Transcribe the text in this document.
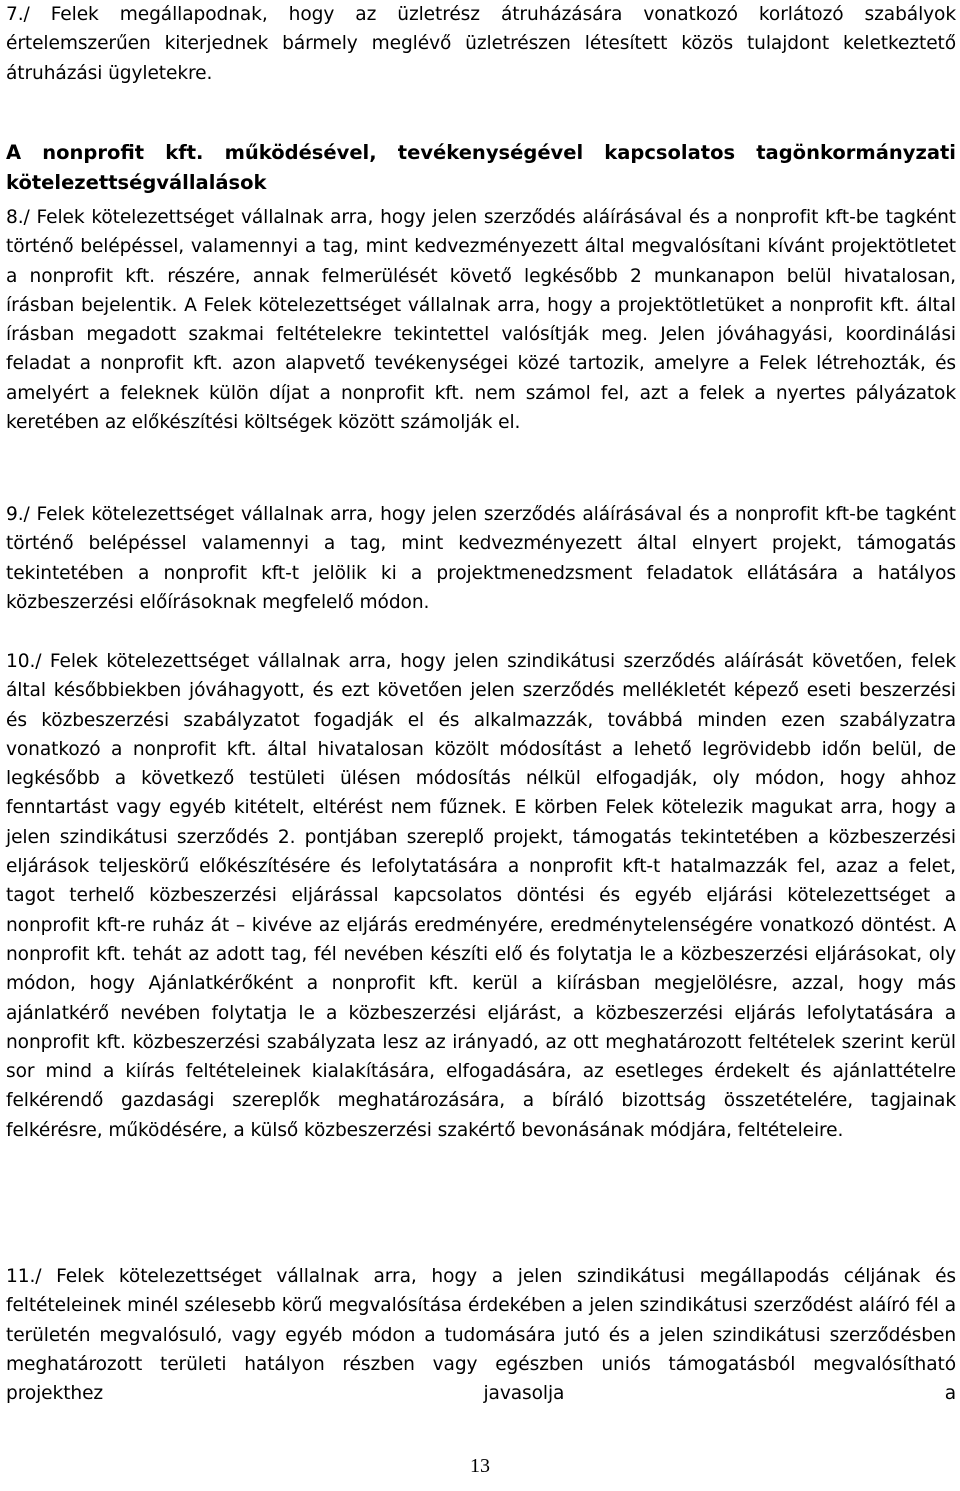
7./ Felek megállapodnak, hogy az üzletrész átruházására vonatkozó korlátozó szabályok értelemszerűen kiterjednek bármely meglévő üzletrészen létesített közös tulajdont keletkeztető átruházási ügyletekre.

A nonprofit kft. működésével, tevékenységével kapcsolatos tagönkormányzati kötelezettségvállalások

8./ Felek kötelezettséget vállalnak arra, hogy jelen szerződés aláírásával és a nonprofit kft-be tagként történő belépéssel, valamennyi a tag, mint kedvezményezett által megvalósítani kívánt projektötletet a nonprofit kft. részére, annak felmerülését követő legkésőbb 2 munkanapon belül hivatalosan, írásban bejelentik. A Felek kötelezettséget vállalnak arra, hogy a projektötletüket a nonprofit kft. által írásban megadott szakmai feltételekre tekintettel valósítják meg. Jelen jóváhagyási, koordinálási feladat a nonprofit kft. azon alapvető tevékenységei közé tartozik, amelyre a Felek létrehozták, és amelyért a feleknek külön díjat a nonprofit kft. nem számol fel, azt a felek a nyertes pályázatok keretében az előkészítési költségek között számolják el.

9./ Felek kötelezettséget vállalnak arra, hogy jelen szerződés aláírásával és a nonprofit kft-be tagként történő belépéssel valamennyi a tag, mint kedvezményezett által elnyert projekt, támogatás tekintetében a nonprofit kft-t jelölik ki a projektmenedzsment feladatok ellátására a hatályos közbeszerzési előírásoknak megfelelő módon.

10./ Felek kötelezettséget vállalnak arra, hogy jelen szindikátusi szerződés aláírását követően, felek által későbbiekben jóváhagyott, és ezt követően jelen szerződés mellékletét képező eseti beszerzési és közbeszerzési szabályzatot fogadják el és alkalmazzák, továbbá minden ezen szabályzatra vonatkozó a nonprofit kft. által hivatalosan közölt módosítást a lehető legrövidebb időn belül, de legkésőbb a következő testületi ülésen módosítás nélkül elfogadják, oly módon, hogy ahhoz fenntartást vagy egyéb kitételt, eltérést nem fűznek. E körben Felek kötelezik magukat arra, hogy a jelen szindikátusi szerződés 2. pontjában szereplő projekt, támogatás tekintetében a közbeszerzési eljárások teljeskörű előkészítésére és lefolytatására a nonprofit kft-t hatalmazzák fel, azaz a felet, tagot terhelő közbeszerzési eljárással kapcsolatos döntési és egyéb eljárási kötelezettséget a nonprofit kft-re ruház át – kivéve az eljárás eredményére, eredménytelenségére vonatkozó döntést. A nonprofit kft. tehát az adott tag, fél nevében készíti elő és folytatja le a közbeszerzési eljárásokat, oly módon, hogy Ajánlatkérőként a nonprofit kft. kerül a kiírásban megjelölésre, azzal, hogy más ajánlatkérő nevében folytatja le a közbeszerzési eljárást, a közbeszerzési eljárás lefolytatására a nonprofit kft. közbeszerzési szabályzata lesz az irányadó, az ott meghatározott feltételek szerint kerül sor mind a kiírás feltételeinek kialakítására, elfogadására, az esetleges érdekelt és ajánlattételre felkérendő gazdasági szereplők meghatározására, a bíráló bizottság összetételére, tagjainak felkérésre, működésére, a külső közbeszerzési szakértő bevonásának módjára, feltételeire.

11./ Felek kötelezettséget vállalnak arra, hogy a jelen szindikátusi megállapodás céljának és feltételeinek minél szélesebb körű megvalósítása érdekében a jelen szindikátusi szerződést aláíró fél a területén megvalósuló, vagy egyéb módon a tudomására jutó és a jelen szindikátusi szerződésben meghatározott területi hatályon részben vagy egészben uniós támogatásból megvalósítható projekthez javasolja a

13
